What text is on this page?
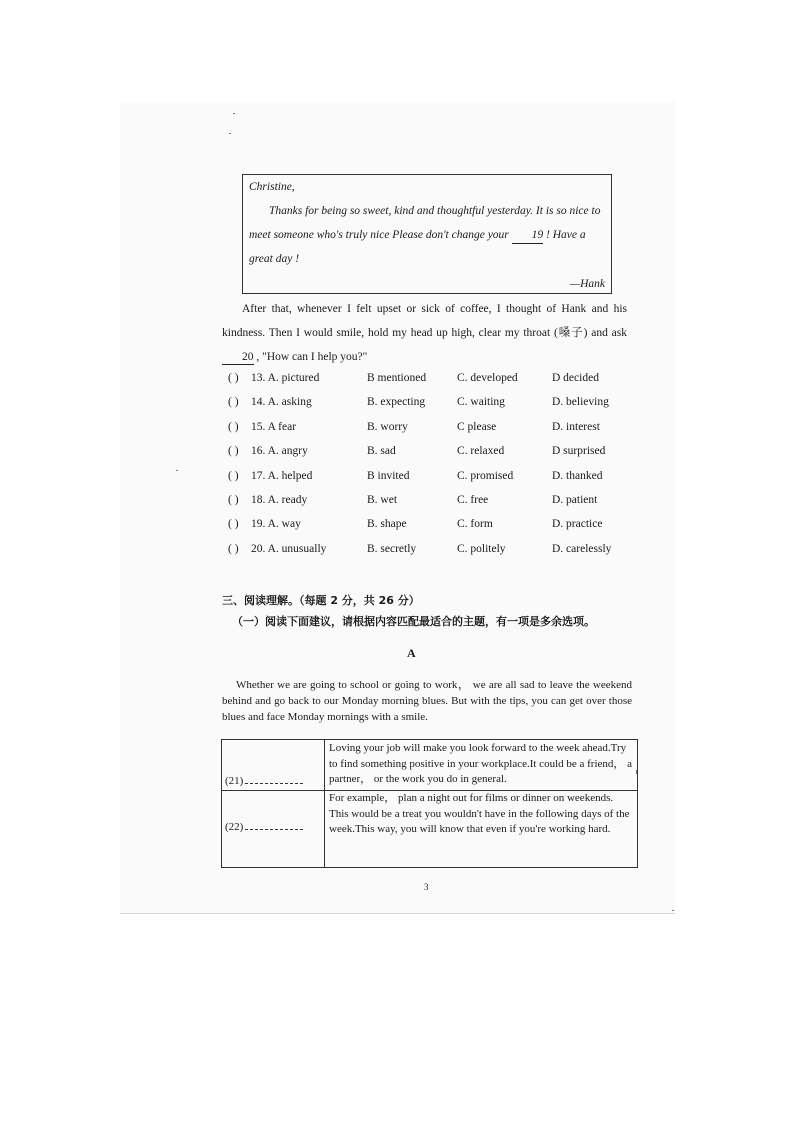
Christine,
Thanks for being so sweet, kind and thoughtful yesterday. It is so nice to meet someone who's truly nice Please don't change your 19 ! Have a great day !
—Hank
After that, whenever I felt upset or sick of coffee, I thought of Hank and his kindness. Then I would smile, hold my head up high, clear my throat (嗓子) and ask 20 , "How can I help you?"
( ) 13. A. pictured	B mentioned	C. developed	D decided
( ) 14. A. asking	B. expecting	C. waiting	D. believing
( ) 15. A fear	B. worry	C please	D. interest
( ) 16. A. angry	B. sad	C. relaxed	D surprised
( ) 17. A. helped	B invited	C. promised	D. thanked
( ) 18. A. ready	B. wet	C. free	D. patient
( ) 19. A. way	B. shape	C. form	D. practice
( ) 20. A. unusually	B. secretly	C. politely	D. carelessly
三、阅读理解。（每题 2 分，共 26 分）
（一）阅读下面建议，请根据内容匹配最适合的主题，有一项是多余选项。
A
Whether we are going to school or going to work， we are all sad to leave the weekend behind and go back to our Monday morning blues. But with the tips, you can get over those blues and face Monday mornings with a smile.
(21)
Loving your job will make you look forward to the week ahead.Try to find something positive in your workplace.It could be a friend， a partner， or the work you do in general.
(22)
For example， plan a night out for films or dinner on weekends. This would be a treat you wouldn't have in the following days of the week.This way, you will know that even if you're working hard.
3
